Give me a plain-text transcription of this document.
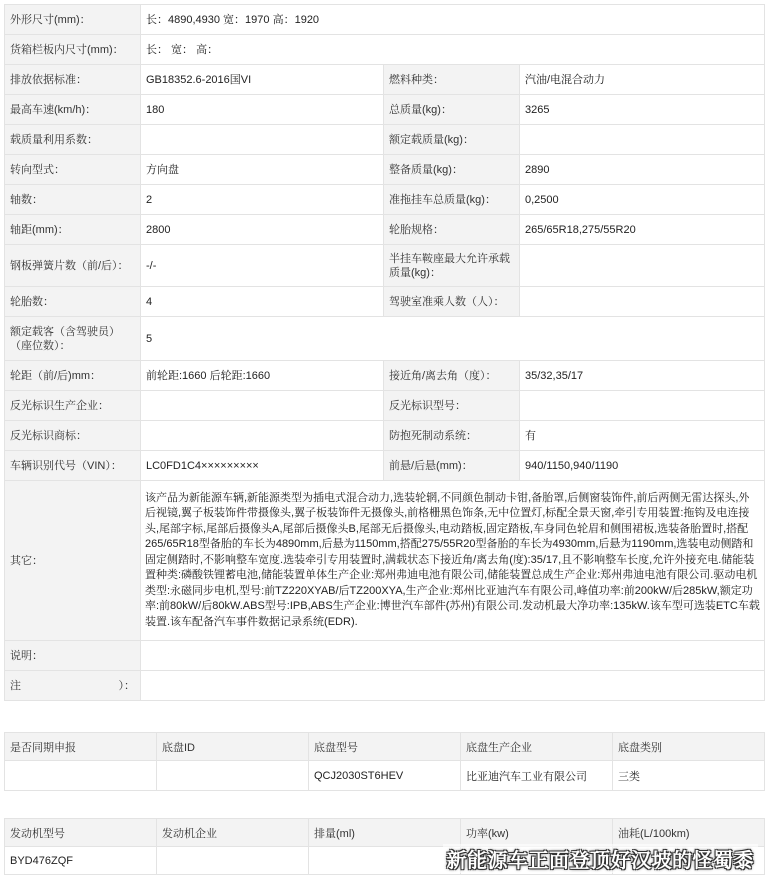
外形尺寸(mm)：	长：4890,4930 宽：1970 高：1920		
货箱栏板内尺寸(mm)：	长： 宽： 高：		
排放依据标准：	GB18352.6-2016国VI	燃料种类：	汽油/电混合动力
最高车速(km/h)：	180	总质量(kg)：	3265
载质量利用系数：		额定载质量(kg)：	
转向型式：	方向盘	整备质量(kg)：	2890
轴数：	2	准拖挂车总质量(kg)：	0,2500
轴距(mm)：	2800	轮胎规格：	265/65R18,275/55R20
钢板弹簧片数（前/后）：	-/-	半挂车鞍座最大允许承载质量(kg)：	
轮胎数：	4	驾驶室准乘人数（人）：	
额定载客（含驾驶员）（座位数）：	5		
轮距（前/后)mm：	前轮距:1660 后轮距:1660	接近角/离去角（度）：	35/32,35/17
反光标识生产企业：		反光标识型号：	
反光标识商标：		防抱死制动系统：	有
车辆识别代号（VIN）：	LC0FD1C4×××××××××	前悬/后悬(mm)：	940/1150,940/1190
其它：	该产品为新能源车辆,新能源类型为插电式混合动力,选装轮辋,不同颜色制动卡钳,备胎罩,后侧窗装饰件,前后两侧无雷达探头,外后视镜,翼子板装饰件带摄像头,翼子板装饰件无摄像头,前格栅黑色饰条,无中位置灯,标配全景天窗,牵引专用装置:拖钩及电连接头,尾部字标,尾部后摄像头A,尾部后摄像头B,尾部无后摄像头,电动踏板,固定踏板,车身同色轮眉和侧围裙板,选装备胎置时,搭配265/65R18型备胎的车长为4890mm,后悬为1150mm,搭配275/55R20型备胎的车长为4930mm,后悬为1190mm,选装电动侧踏和固定侧踏时,不影响整车宽度.选装牵引专用装置时,满载状态下接近角/离去角(度):35/17,且不影响整车长度,允许外接充电.储能装置种类:磷酸铁锂蓄电池,储能装置单体生产企业:郑州弗迪电池有限公司,储能装置总成生产企业:郑州弗迪电池有限公司.驱动电机类型:永磁同步电机,型号:前TZ220XYAB/后TZ200XYA,生产企业:郑州比亚迪汽车有限公司,峰值功率:前200kW/后285kW,额定功率:前80kW/后80kW.ABS型号:IPB,ABS生产企业:博世汽车部件(苏州)有限公司.发动机最大净功率:135kW.该车型可选装ETC车载装置.该车配备汽车事件数据记录系统(EDR).		
说明：			
注 ）：			

是否同期申报	底盘ID	底盘型号	底盘生产企业	底盘类别
		QCJ2030ST6HEV	比亚迪汽车工业有限公司	三类
发动机型号	发动机企业	排量(ml)	功率(kw)	油耗(L/100km)
BYD476ZQF					新能源车正面登顶好汉坡的怪蜀黍
